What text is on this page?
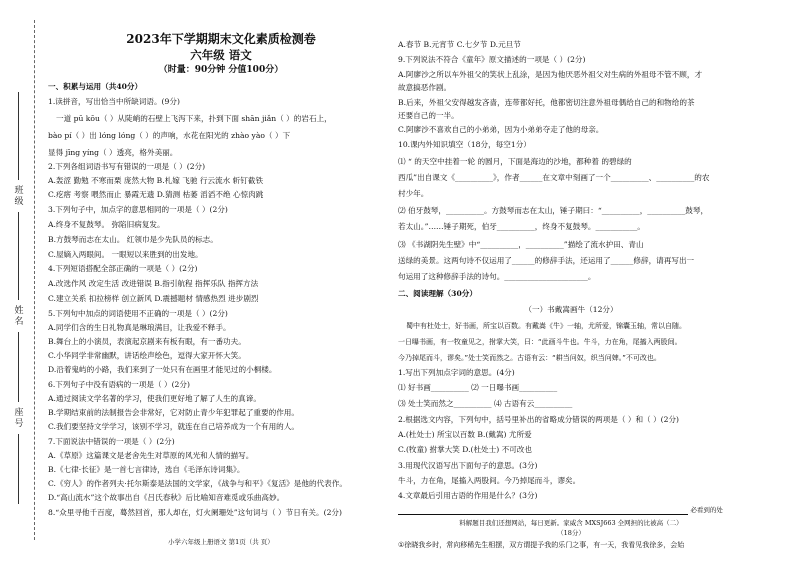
班
级
姓
名
座
号
2023年下学期期末文化素质检测卷
六年级 语文
（时量：90分钟 分值100分）
一、积累与运用（共40分）
1.读拼音，写出恰当中所缺词语。(9分)
一道 pū kōu（ ）从陡峭的石壁上飞泻下来，扑到下面 shān jiǎn（ ）的岩石上，
bào pí（ ）出 lóng lóng（ ）的声响，水花在阳光的 zhào yào（ ）下
显得 jīng yíng（ ）透亮，格外美丽。
2.下列各组词语书写有错误的一项是（ ）(2分)
A.轰涩 勤勉 不寒而栗 庞然大物 B.札嫁 飞驰 行云流水 斩钉截铁
C.疙瘩 考察 喂然而止 暴霞无遗 D.猜测 枯萎 滔滔不绝 心惊肉跳
3.下列句子中，加点字的意思相同的一项是（ ）(2分)
A.终身不复鼓琴。 弥陷旧病复发。
B.方鼓琴而志在太山。 红领巾是少先队员的标志。
C.屋嫡入两眼间。 一眼短以来胜到的出发地。
4.下列短语搭配全部正确的一项是（ ）(2分)
A.改选作风 改定生活 改进错误 B.指引航程 指挥乐队 指挥方法
C.建立关系 扣拉榜样 创立新风 D.震撼题材 情感热烈 进步剧烈
5.下列句中加点的词语使用不正确的一项是（ ）(2分)
A.同学们含的生日礼物真是琳琅满目，让我爱不释手。
B.舞台上的小演员，表演起京剧来有板有眼，有一番功夫。
C.小华同学非常幽默，讲话绘声绘色，逗得大家开怀大笑。
D.沿着鬼屿的小路，我们来到了一处只有在画里才能见过的小桐楼。
6.下列句子中没有语病的一项是（ ）(2分)
A.通过阅读文学名著的学习，使我们更好地了解了人生的真谛。
B.学期结束前的法制报告会非常好，它对防止青少年犯罪起了重要的作用。
C.我们要坚持文学学习，该别不学习，就连在自己培养成为一个有用的人。
7.下面说法中错误的一项是（ ）(2分)
A.《草原》这篇课文是老舍先生对草原的风光和人情的描写。
B.《七律·长征》是一首七言律诗，选自《毛泽东诗词集》。
C.《穷人》的作者列夫·托尔斯泰是法国的文学家，《战争与和平》《复活》是他的代表作。
D.“高山流水”这个故事出自《吕氏春秋》后比喻知音难觅或乐曲高妙。
8.“众里寻他千百度，蓦然回首，那人却在，灯火阑珊处”这句词与（ ）节日有关。(2分)
小学六年级上册语文 第1页（共 页）
A.春节 B.元宵节 C.七夕节 D.元旦节
9.下列说法不符合《童年》原文描述的一项是（ ）(2分)
A.阿廖沙之所以车外祖父的笑状上乱涂，是因为他厌恶外祖父对生病的外祖母不管不顾，才
故意搞恶作剧。
B.后来，外祖父安得越发吝啬，连带都好托，他都密切注意外祖母偶给自己的和物给的茶
还要自己的一半。
C.阿廖沙不喜欢自己的小弟弟，因为小弟弟夺走了他的母亲。
10.课内外知识填空（18分，每空1分）
⑴ “ 的天空中挂着一轮 的圆月，下面是海边的沙地，都种着 的碧绿的
西瓜”出自课文《__________》，作者______在文章中刻画了一个__________、__________的农
村少年。
⑵ 伯牙鼓琴，__________。方鼓琴而志在太山，锤子期曰：“__________，__________鼓琴，
若太山。”……锤子期死，伯牙__________，终身不复鼓琴。___________。
⑶ 《书湖阴先生壁》中“__________，__________”描绘了流水护田、青山
送绿的美景。这两句诗不仅运用了______的修辞手法，还运用了______修辞，请再写出一
句运用了这种修辞手法的诗句。______________________。
二、阅读理解（30分）
（一）书戴嵩画牛（12分）
蜀中有杜处士，好书画，所宝以百数。有戴嵩《牛》一轴，尤所爱，锦囊玉轴，常以自随。
一日曝书画，有一牧童见之，拊掌大笑，曰：“此画斗牛也。牛斗，力在角，尾搐入两股间。
今乃掉尾而斗，谬矣。”处士笑而然之。古语有云：“耕当问奴，织当问婢。”不可改也。
1.写出下列加点字词的意思。(4分)
⑴ 好书画__________ ⑵ 一日曝书画__________
⑶ 处士笑而然之__________ ⑷ 古语有云__________
2.根据选文内容，下列句中，括号里补出的省略成分错误的两项是（ ）和（ ）(2分)
A.(杜处士) 所宝以百数 B.(戴嵩) 尤所爱
C.(牧童) 拊掌大笑 D.(杜处士) 不可改也
3.用现代汉语写出下面句子的意思。(3分)
牛斗，力在角，尾搐入两股间。今乃掉尾而斗，谬矣。
4.文章最后引用古语的作用是什么？(3分)
必看到的处
料解题目我们还想网站，每日更新。家威含 MXSJ663 全网担的比被高（二）
（18分）
①徐晓我乡时，常向移稀先生相摆，双方谓提予我的乐门之事，有一天，我看见我徐多，会始
